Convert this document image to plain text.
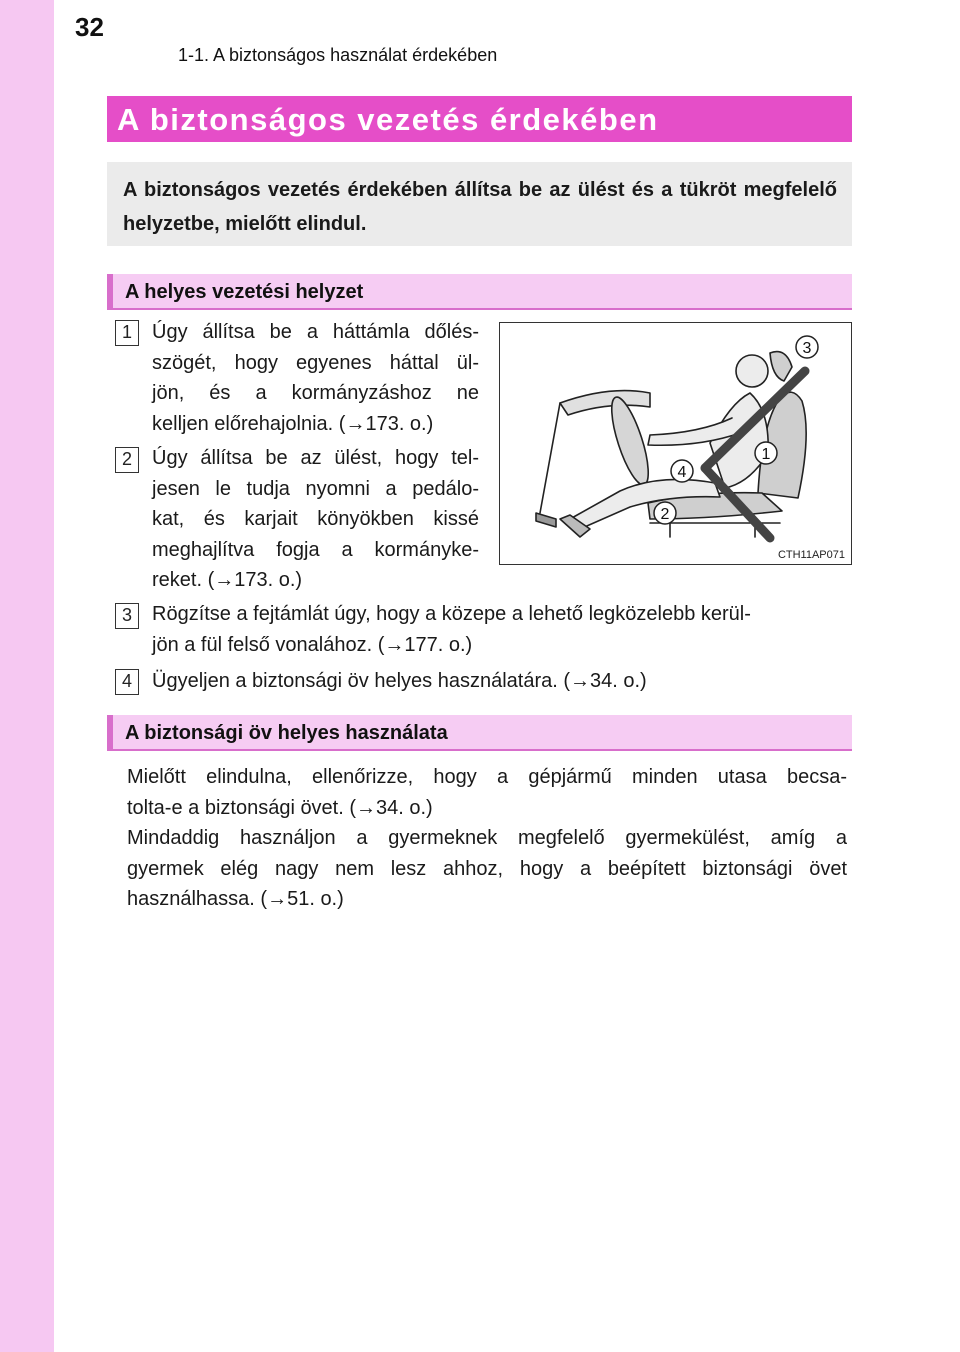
32
1-1. A biztonságos használat érdekében
A biztonságos vezetés érdekében

A biztonságos vezetés érdekében állítsa be az ülést és a tükröt megfelelő helyzetbe, mielőtt elindul.

A helyes vezetési helyzet
1	Úgy állítsa be a háttámla dőlés-
szögét, hogy egyenes háttal ül-
jön, és a kormányzáshoz ne
kelljen előrehajolnia. (→173. o.)
2	Úgy állítsa be az ülést, hogy tel-
jesen le tudja nyomni a pedálo-
kat, és karjait könyökben kissé
meghajlítva fogja a kormányke-
reket. (→173. o.)
3
1
4
2
CTH11AP071
3	Rögzítse a fejtámlát úgy, hogy a közepe a lehető legközelebb kerül-
jön a fül felső vonalához. (→177. o.)
4	Ügyeljen a biztonsági öv helyes használatára. (→34. o.)
A biztonsági öv helyes használata
Mielőtt elindulna, ellenőrizze, hogy a gépjármű minden utasa becsa-
tolta-e a biztonsági övet. (→34. o.)
Mindaddig használjon a gyermeknek megfelelő gyermekülést, amíg a
gyermek elég nagy nem lesz ahhoz, hogy a beépített biztonsági övet
használhassa. (→51. o.)
